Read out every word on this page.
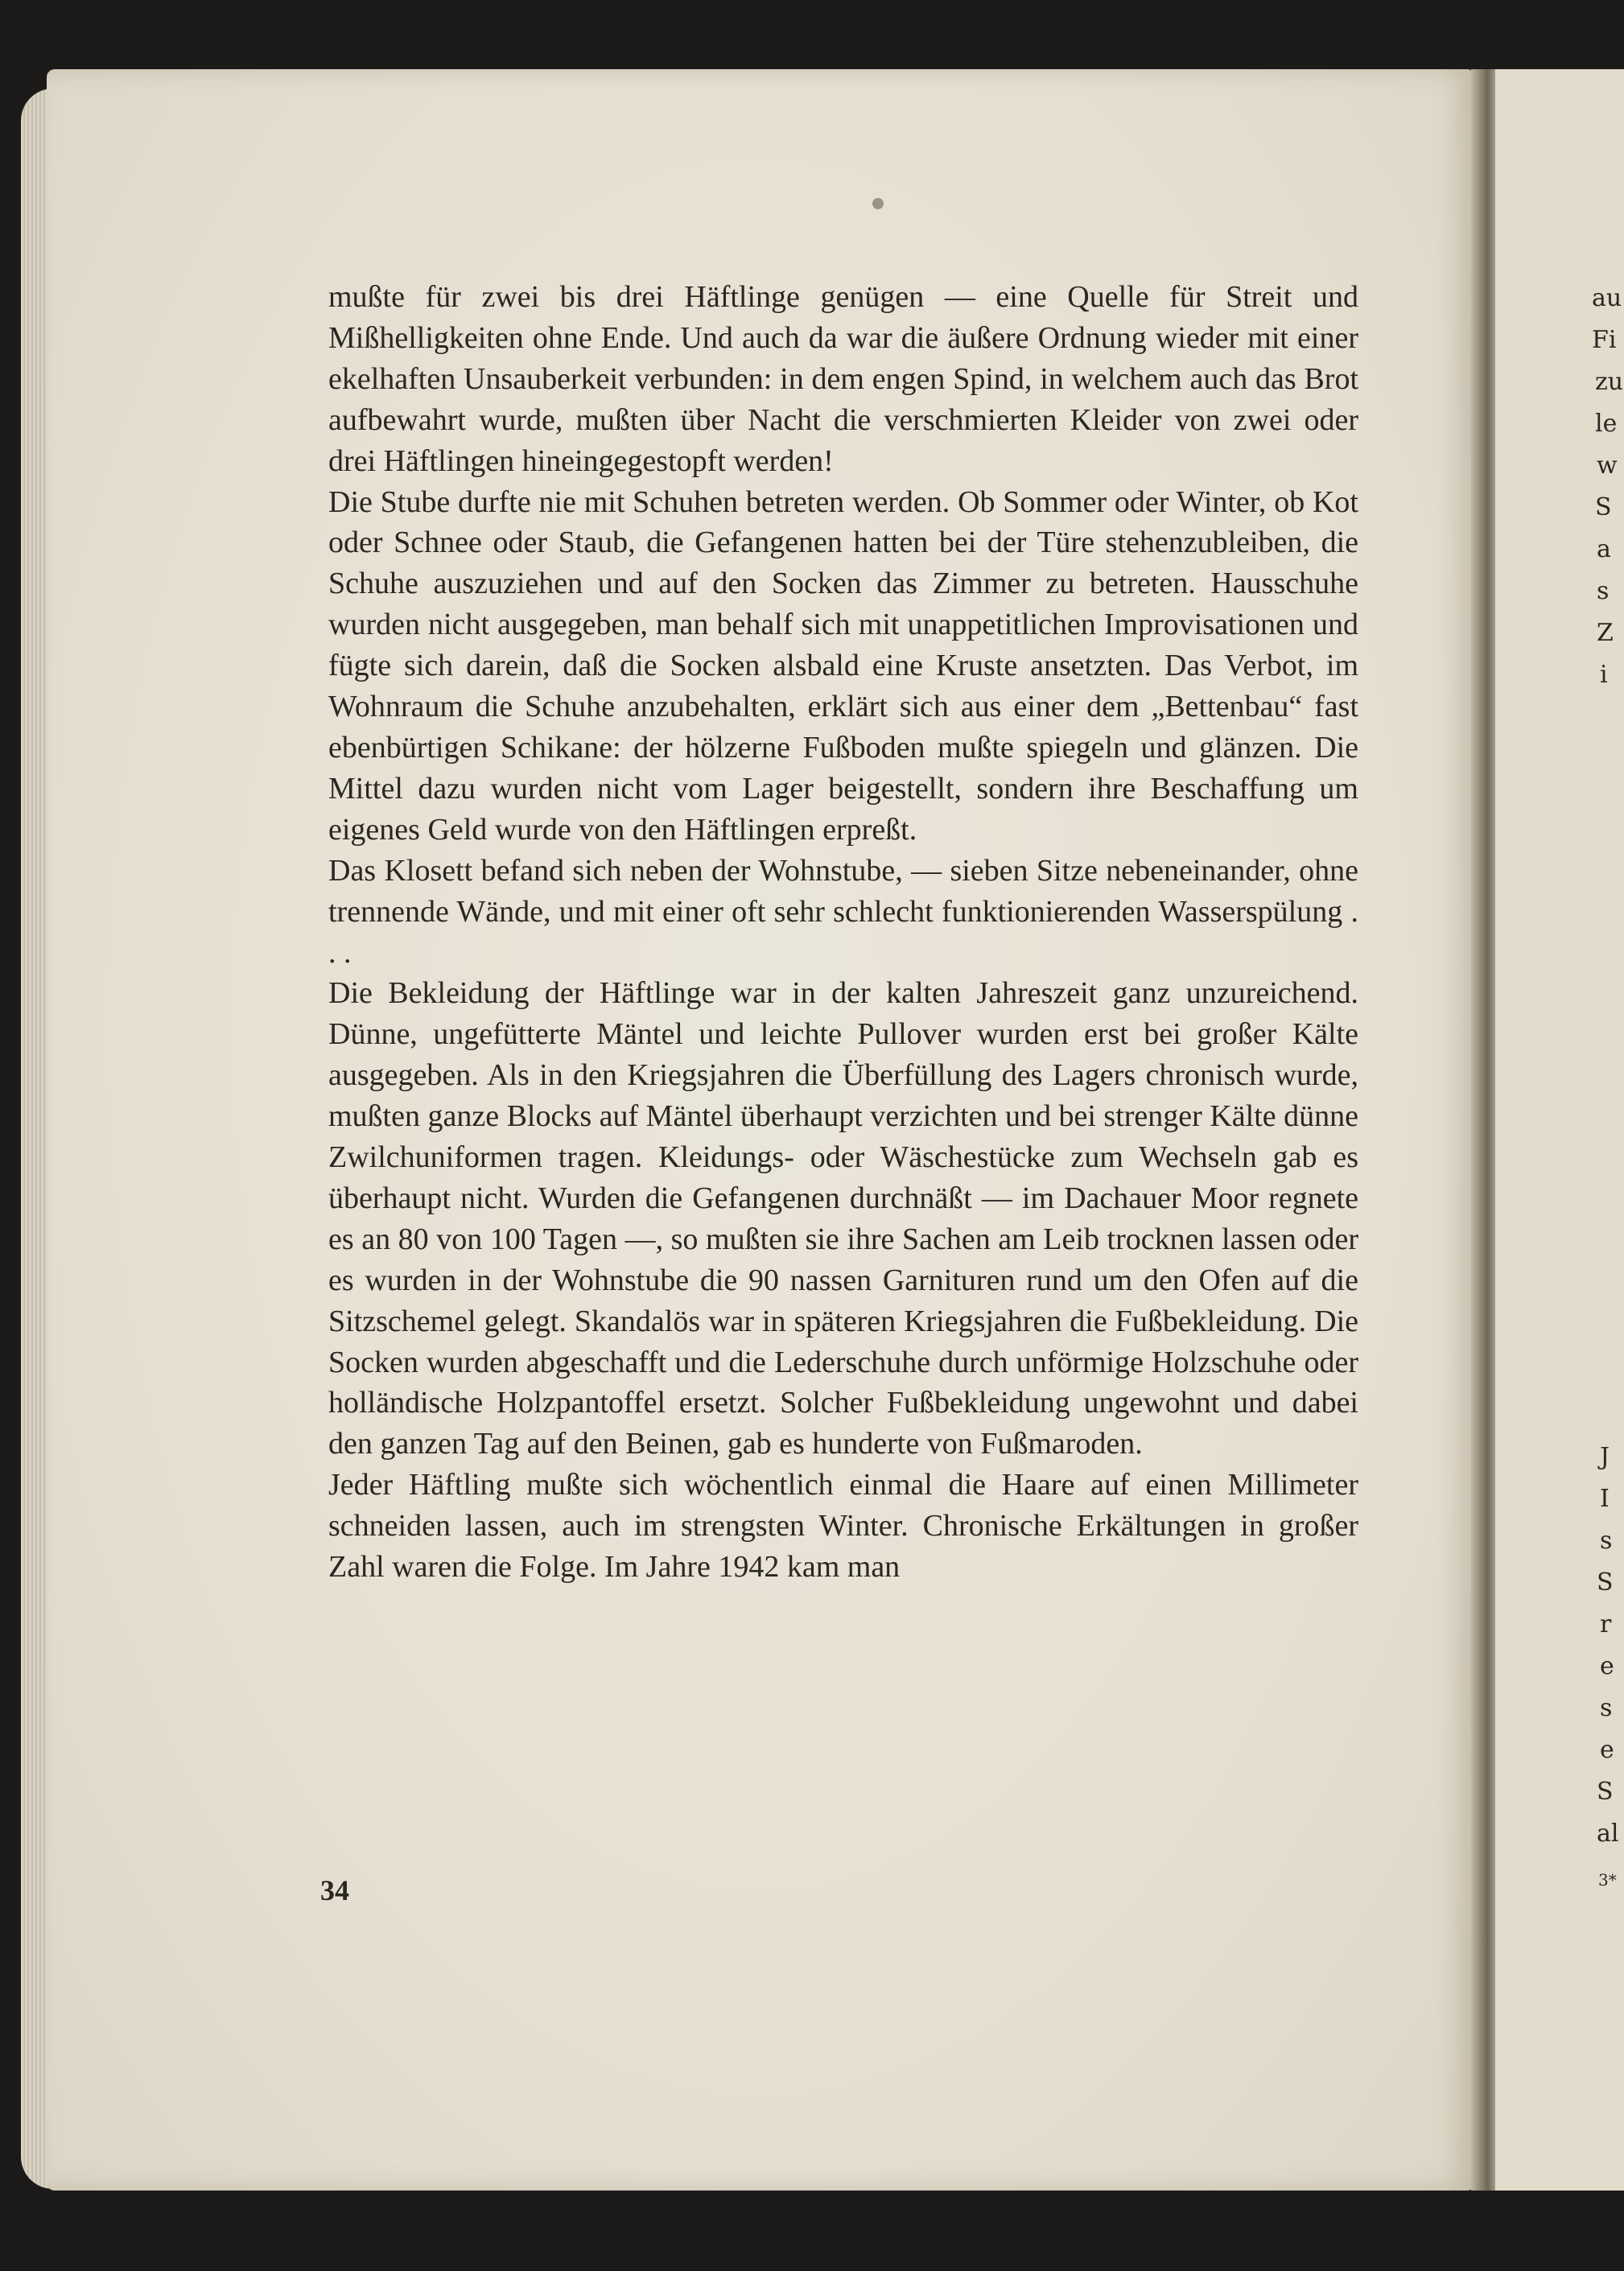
au
Fi
zu
le
w
S
a
s
Z
i
J
I
s
S
r
e
s
e
S
al
3*

mußte für zwei bis drei Häftlinge genügen — eine Quelle für Streit und Mißhelligkeiten ohne Ende. Und auch da war die äußere Ordnung wieder mit einer ekelhaften Unsauberkeit verbunden: in dem engen Spind, in welchem auch das Brot aufbewahrt wurde, mußten über Nacht die verschmierten Kleider von zwei oder drei Häftlingen hineingegestopft werden!

Die Stube durfte nie mit Schuhen betreten werden. Ob Sommer oder Winter, ob Kot oder Schnee oder Staub, die Gefangenen hatten bei der Türe stehenzubleiben, die Schuhe auszuziehen und auf den Socken das Zimmer zu betreten. Hausschuhe wurden nicht ausgegeben, man behalf sich mit unappetitlichen Improvisationen und fügte sich darein, daß die Socken alsbald eine Kruste ansetzten. Das Verbot, im Wohnraum die Schuhe anzubehalten, erklärt sich aus einer dem „Bettenbau“ fast ebenbürtigen Schikane: der hölzerne Fußboden mußte spiegeln und glänzen. Die Mittel dazu wurden nicht vom Lager beigestellt, sondern ihre Beschaffung um eigenes Geld wurde von den Häftlingen erpreßt.

Das Klosett befand sich neben der Wohnstube, — sieben Sitze nebeneinander, ohne trennende Wände, und mit einer oft sehr schlecht funktionierenden Wasserspülung . . .

Die Bekleidung der Häftlinge war in der kalten Jahreszeit ganz unzureichend. Dünne, ungefütterte Mäntel und leichte Pullover wurden erst bei großer Kälte ausgegeben. Als in den Kriegsjahren die Überfüllung des Lagers chronisch wurde, mußten ganze Blocks auf Mäntel überhaupt verzichten und bei strenger Kälte dünne Zwilchuniformen tragen. Kleidungs- oder Wäschestücke zum Wechseln gab es überhaupt nicht. Wurden die Gefangenen durchnäßt — im Dachauer Moor regnete es an 80 von 100 Tagen —, so mußten sie ihre Sachen am Leib trocknen lassen oder es wurden in der Wohnstube die 90 nassen Garnituren rund um den Ofen auf die Sitzschemel gelegt. Skandalös war in späteren Kriegsjahren die Fußbekleidung. Die Socken wurden abgeschafft und die Lederschuhe durch unförmige Holzschuhe oder holländische Holzpantoffel ersetzt. Solcher Fußbekleidung ungewohnt und dabei den ganzen Tag auf den Beinen, gab es hunderte von Fußmaroden.

Jeder Häftling mußte sich wöchentlich einmal die Haare auf einen Millimeter schneiden lassen, auch im strengsten Winter. Chronische Erkältungen in großer Zahl waren die Folge. Im Jahre 1942 kam man

34
